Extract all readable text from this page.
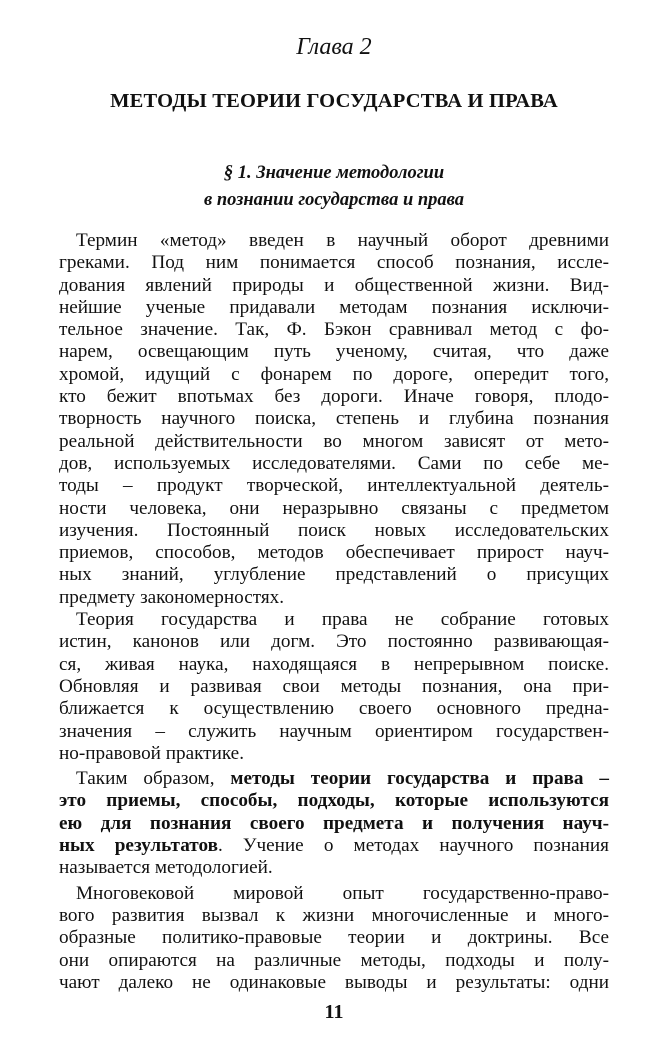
Глава 2
МЕТОДЫ ТЕОРИИ ГОСУДАРСТВА И ПРАВА
§ 1. Значение методологии
в познании государства и права
Термин «метод» введен в научный оборот древними
греками. Под ним понимается способ познания, иссле-
дования явлений природы и общественной жизни. Вид-
нейшие ученые придавали методам познания исключи-
тельное значение. Так, Ф. Бэкон сравнивал метод с фо-
нарем, освещающим путь ученому, считая, что даже
хромой, идущий с фонарем по дороге, опередит того,
кто бежит впотьмах без дороги. Иначе говоря, плодо-
творность научного поиска, степень и глубина познания
реальной действительности во многом зависят от мето-
дов, используемых исследователями. Сами по себе ме-
тоды – продукт творческой, интеллектуальной деятель-
ности человека, они неразрывно связаны с предметом
изучения. Постоянный поиск новых исследовательских
приемов, способов, методов обеспечивает прирост науч-
ных знаний, углубление представлений о присущих
предмету закономерностях.
Теория государства и права не собрание готовых
истин, канонов или догм. Это постоянно развивающая-
ся, живая наука, находящаяся в непрерывном поиске.
Обновляя и развивая свои методы познания, она при-
ближается к осуществлению своего основного предна-
значения – служить научным ориентиром государствен-
но-правовой практике.
Таким образом, методы теории государства и права –
это приемы, способы, подходы, которые используются
ею для познания своего предмета и получения науч-
ных результатов. Учение о методах научного познания
называется методологией.
Многовековой мировой опыт государственно-право-
вого развития вызвал к жизни многочисленные и много-
образные политико-правовые теории и доктрины. Все
они опираются на различные методы, подходы и полу-
чают далеко не одинаковые выводы и результаты: одни
11
